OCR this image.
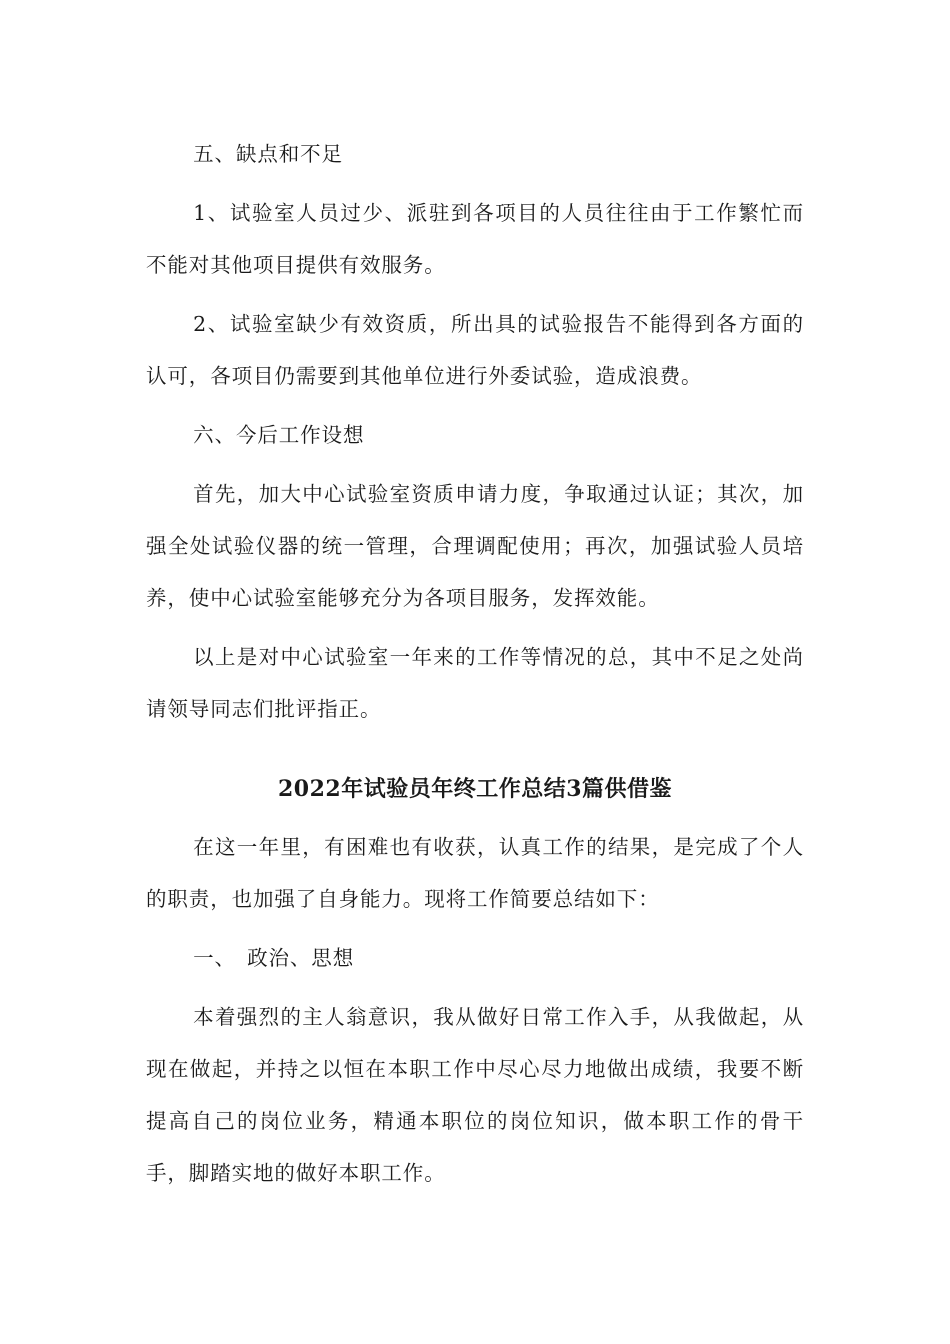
五、缺点和不足

1、试验室人员过少、派驻到各项目的人员往往由于工作繁忙而不能对其他项目提供有效服务。

2、试验室缺少有效资质，所出具的试验报告不能得到各方面的认可，各项目仍需要到其他单位进行外委试验，造成浪费。

六、今后工作设想

首先，加大中心试验室资质申请力度，争取通过认证；其次，加强全处试验仪器的统一管理，合理调配使用；再次，加强试验人员培养，使中心试验室能够充分为各项目服务，发挥效能。

以上是对中心试验室一年来的工作等情况的总，其中不足之处尚请领导同志们批评指正。

2022年试验员年终工作总结3篇供借鉴

在这一年里，有困难也有收获，认真工作的结果，是完成了个人的职责，也加强了自身能力。现将工作简要总结如下：

一、　政治、思想

本着强烈的主人翁意识，我从做好日常工作入手，从我做起，从现在做起，并持之以恒在本职工作中尽心尽力地做出成绩，我要不断提高自己的岗位业务，精通本职位的岗位知识，做本职工作的骨干手，脚踏实地的做好本职工作。
